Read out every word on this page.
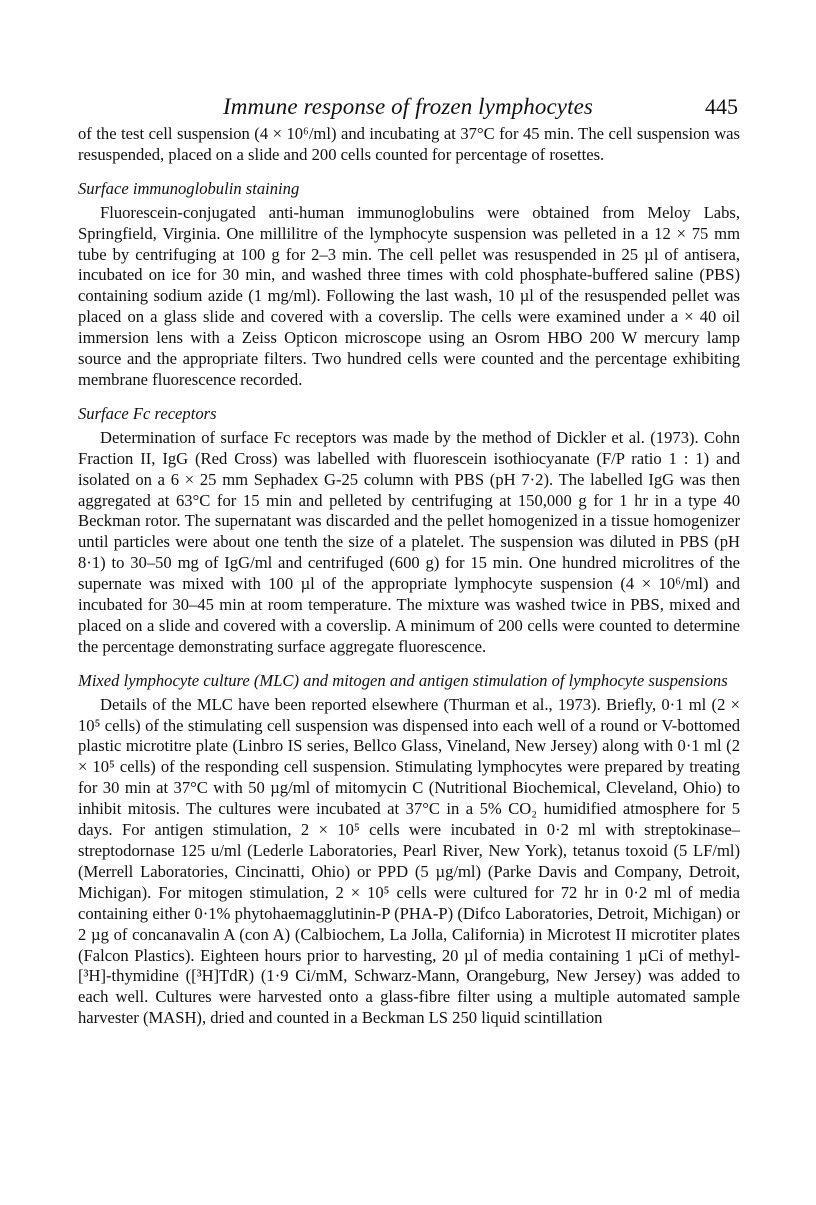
Immune response of frozen lymphocytes	445

of the test cell suspension (4 × 10⁶/ml) and incubating at 37°C for 45 min. The cell suspension was resuspended, placed on a slide and 200 cells counted for percentage of rosettes.

Surface immunoglobulin staining

Fluorescein-conjugated anti-human immunoglobulins were obtained from Meloy Labs, Springfield, Virginia. One millilitre of the lymphocyte suspension was pelleted in a 12 × 75 mm tube by centrifuging at 100 g for 2–3 min. The cell pellet was resuspended in 25 µl of antisera, incubated on ice for 30 min, and washed three times with cold phosphate-buffered saline (PBS) containing sodium azide (1 mg/ml). Following the last wash, 10 µl of the resuspended pellet was placed on a glass slide and covered with a coverslip. The cells were examined under a × 40 oil immersion lens with a Zeiss Opticon microscope using an Osrom HBO 200 W mercury lamp source and the appropriate filters. Two hundred cells were counted and the percentage exhibiting membrane fluorescence recorded.

Surface Fc receptors

Determination of surface Fc receptors was made by the method of Dickler et al. (1973). Cohn Fraction II, IgG (Red Cross) was labelled with fluorescein isothiocyanate (F/P ratio 1 : 1) and isolated on a 6 × 25 mm Sephadex G-25 column with PBS (pH 7·2). The labelled IgG was then aggregated at 63°C for 15 min and pelleted by centrifuging at 150,000 g for 1 hr in a type 40 Beckman rotor. The supernatant was discarded and the pellet homogenized in a tissue homogenizer until particles were about one tenth the size of a platelet. The suspension was diluted in PBS (pH 8·1) to 30–50 mg of IgG/ml and centrifuged (600 g) for 15 min. One hundred microlitres of the supernate was mixed with 100 µl of the appropriate lymphocyte suspension (4 × 10⁶/ml) and incubated for 30–45 min at room temperature. The mixture was washed twice in PBS, mixed and placed on a slide and covered with a coverslip. A minimum of 200 cells were counted to determine the percentage demonstrating surface aggregate fluorescence.

Mixed lymphocyte culture (MLC) and mitogen and antigen stimulation of lymphocyte suspensions

Details of the MLC have been reported elsewhere (Thurman et al., 1973). Briefly, 0·1 ml (2 × 10⁵ cells) of the stimulating cell suspension was dispensed into each well of a round or V-bottomed plastic microtitre plate (Linbro IS series, Bellco Glass, Vineland, New Jersey) along with 0·1 ml (2 × 10⁵ cells) of the responding cell suspension. Stimulating lymphocytes were prepared by treating for 30 min at 37°C with 50 µg/ml of mitomycin C (Nutritional Biochemical, Cleveland, Ohio) to inhibit mitosis. The cultures were incubated at 37°C in a 5% CO₂ humidified atmosphere for 5 days. For antigen stimulation, 2 × 10⁵ cells were incubated in 0·2 ml with streptokinase–streptodornase 125 u/ml (Lederle Laboratories, Pearl River, New York), tetanus toxoid (5 LF/ml) (Merrell Laboratories, Cincinatti, Ohio) or PPD (5 µg/ml) (Parke Davis and Company, Detroit, Michigan). For mitogen stimulation, 2 × 10⁵ cells were cultured for 72 hr in 0·2 ml of media containing either 0·1% phytohaemagglutinin-P (PHA-P) (Difco Laboratories, Detroit, Michigan) or 2 µg of concanavalin A (con A) (Calbiochem, La Jolla, California) in Microtest II microtiter plates (Falcon Plastics). Eighteen hours prior to harvesting, 20 µl of media containing 1 µCi of methyl-[³H]-thymidine ([³H]TdR) (1·9 Ci/mM, Schwarz-Mann, Orangeburg, New Jersey) was added to each well. Cultures were harvested onto a glass-fibre filter using a multiple automated sample harvester (MASH), dried and counted in a Beckman LS 250 liquid scintillation
